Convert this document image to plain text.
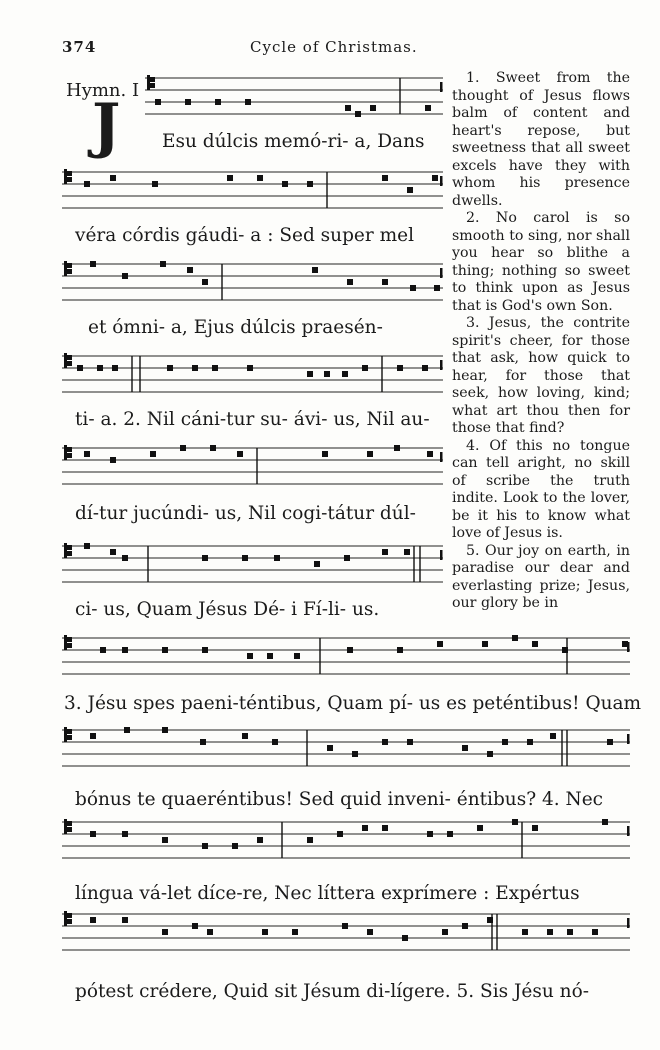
374	Cycle of Christmas.
Hymn. I
J Esu dúlcis memó-ri- a, Dans
véra córdis gáudi- a : Sed super mel
et ómni- a, Ejus dúlcis praesén-
ti- a. 2. Nil cáni-tur su- ávi- us, Nil au-
dí-tur jucúndi- us, Nil cogi-tátur dúl-
ci- us, Quam Jésus Dé- i Fí-li- us.
3. Jésu spes paeni-téntibus, Quam pí- us es peténtibus! Quam
bónus te quaeréntibus! Sed quid inveni- éntibus? 4. Nec
língua vá-let díce-re, Nec líttera exprímere : Expértus
pótest crédere, Quid sit Jésum di-lígere. 5. Sis Jésu nó-

1. Sweet from the thought of Jesus flows balm of content and heart's repose, but sweetness that all sweet excels have they with whom his presence dwells.

2. No carol is so smooth to sing, nor shall you hear so blithe a thing; nothing so sweet to think upon as Jesus that is God's own Son.

3. Jesus, the contrite spirit's cheer, for those that ask, how quick to hear, for those that seek, how loving, kind; what art thou then for those that find?

4. Of this no tongue can tell aright, no skill of scribe the truth indite. Look to the lover, be it his to know what love of Jesus is.

5. Our joy on earth, in paradise our dear and everlasting prize; Jesus, our glory be in
